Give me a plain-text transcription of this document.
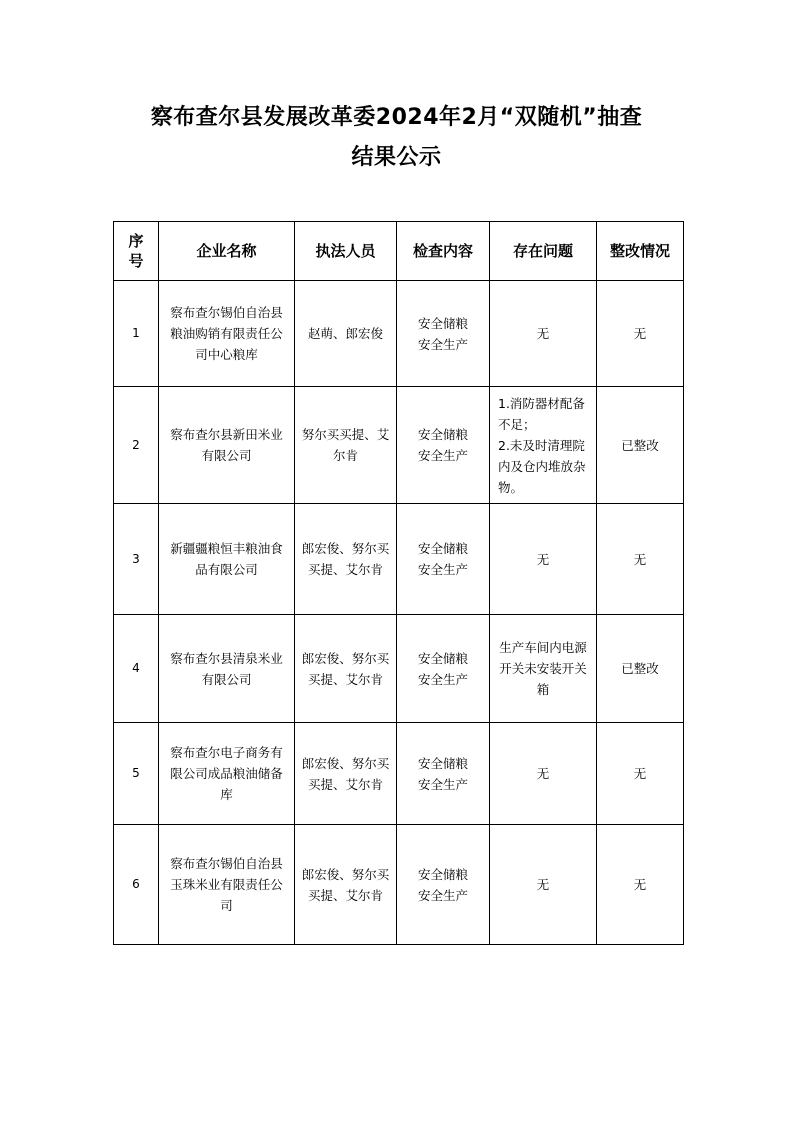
察布查尔县发展改革委2024年2月“双随机”抽查
结果公示
序号	企业名称	执法人员	检查内容	存在问题	整改情况
1	察布查尔锡伯自治县粮油购销有限责任公司中心粮库	赵萌、郎宏俊	安全储粮安全生产	无	无
2	察布查尔县新田米业有限公司	努尔买买提、艾尔肯	安全储粮安全生产	1.消防器材配备不足；
2.未及时清理院内及仓内堆放杂物。	已整改
3	新疆疆粮恒丰粮油食品有限公司	郎宏俊、努尔买买提、艾尔肯	安全储粮安全生产	无	无
4	察布查尔县清泉米业有限公司	郎宏俊、努尔买买提、艾尔肯	安全储粮安全生产	生产车间内电源开关未安装开关箱	已整改
5	察布查尔电子商务有限公司成品粮油储备库	郎宏俊、努尔买买提、艾尔肯	安全储粮安全生产	无	无
6	察布查尔锡伯自治县玉珠米业有限责任公司	郎宏俊、努尔买买提、艾尔肯	安全储粮安全生产	无	无
